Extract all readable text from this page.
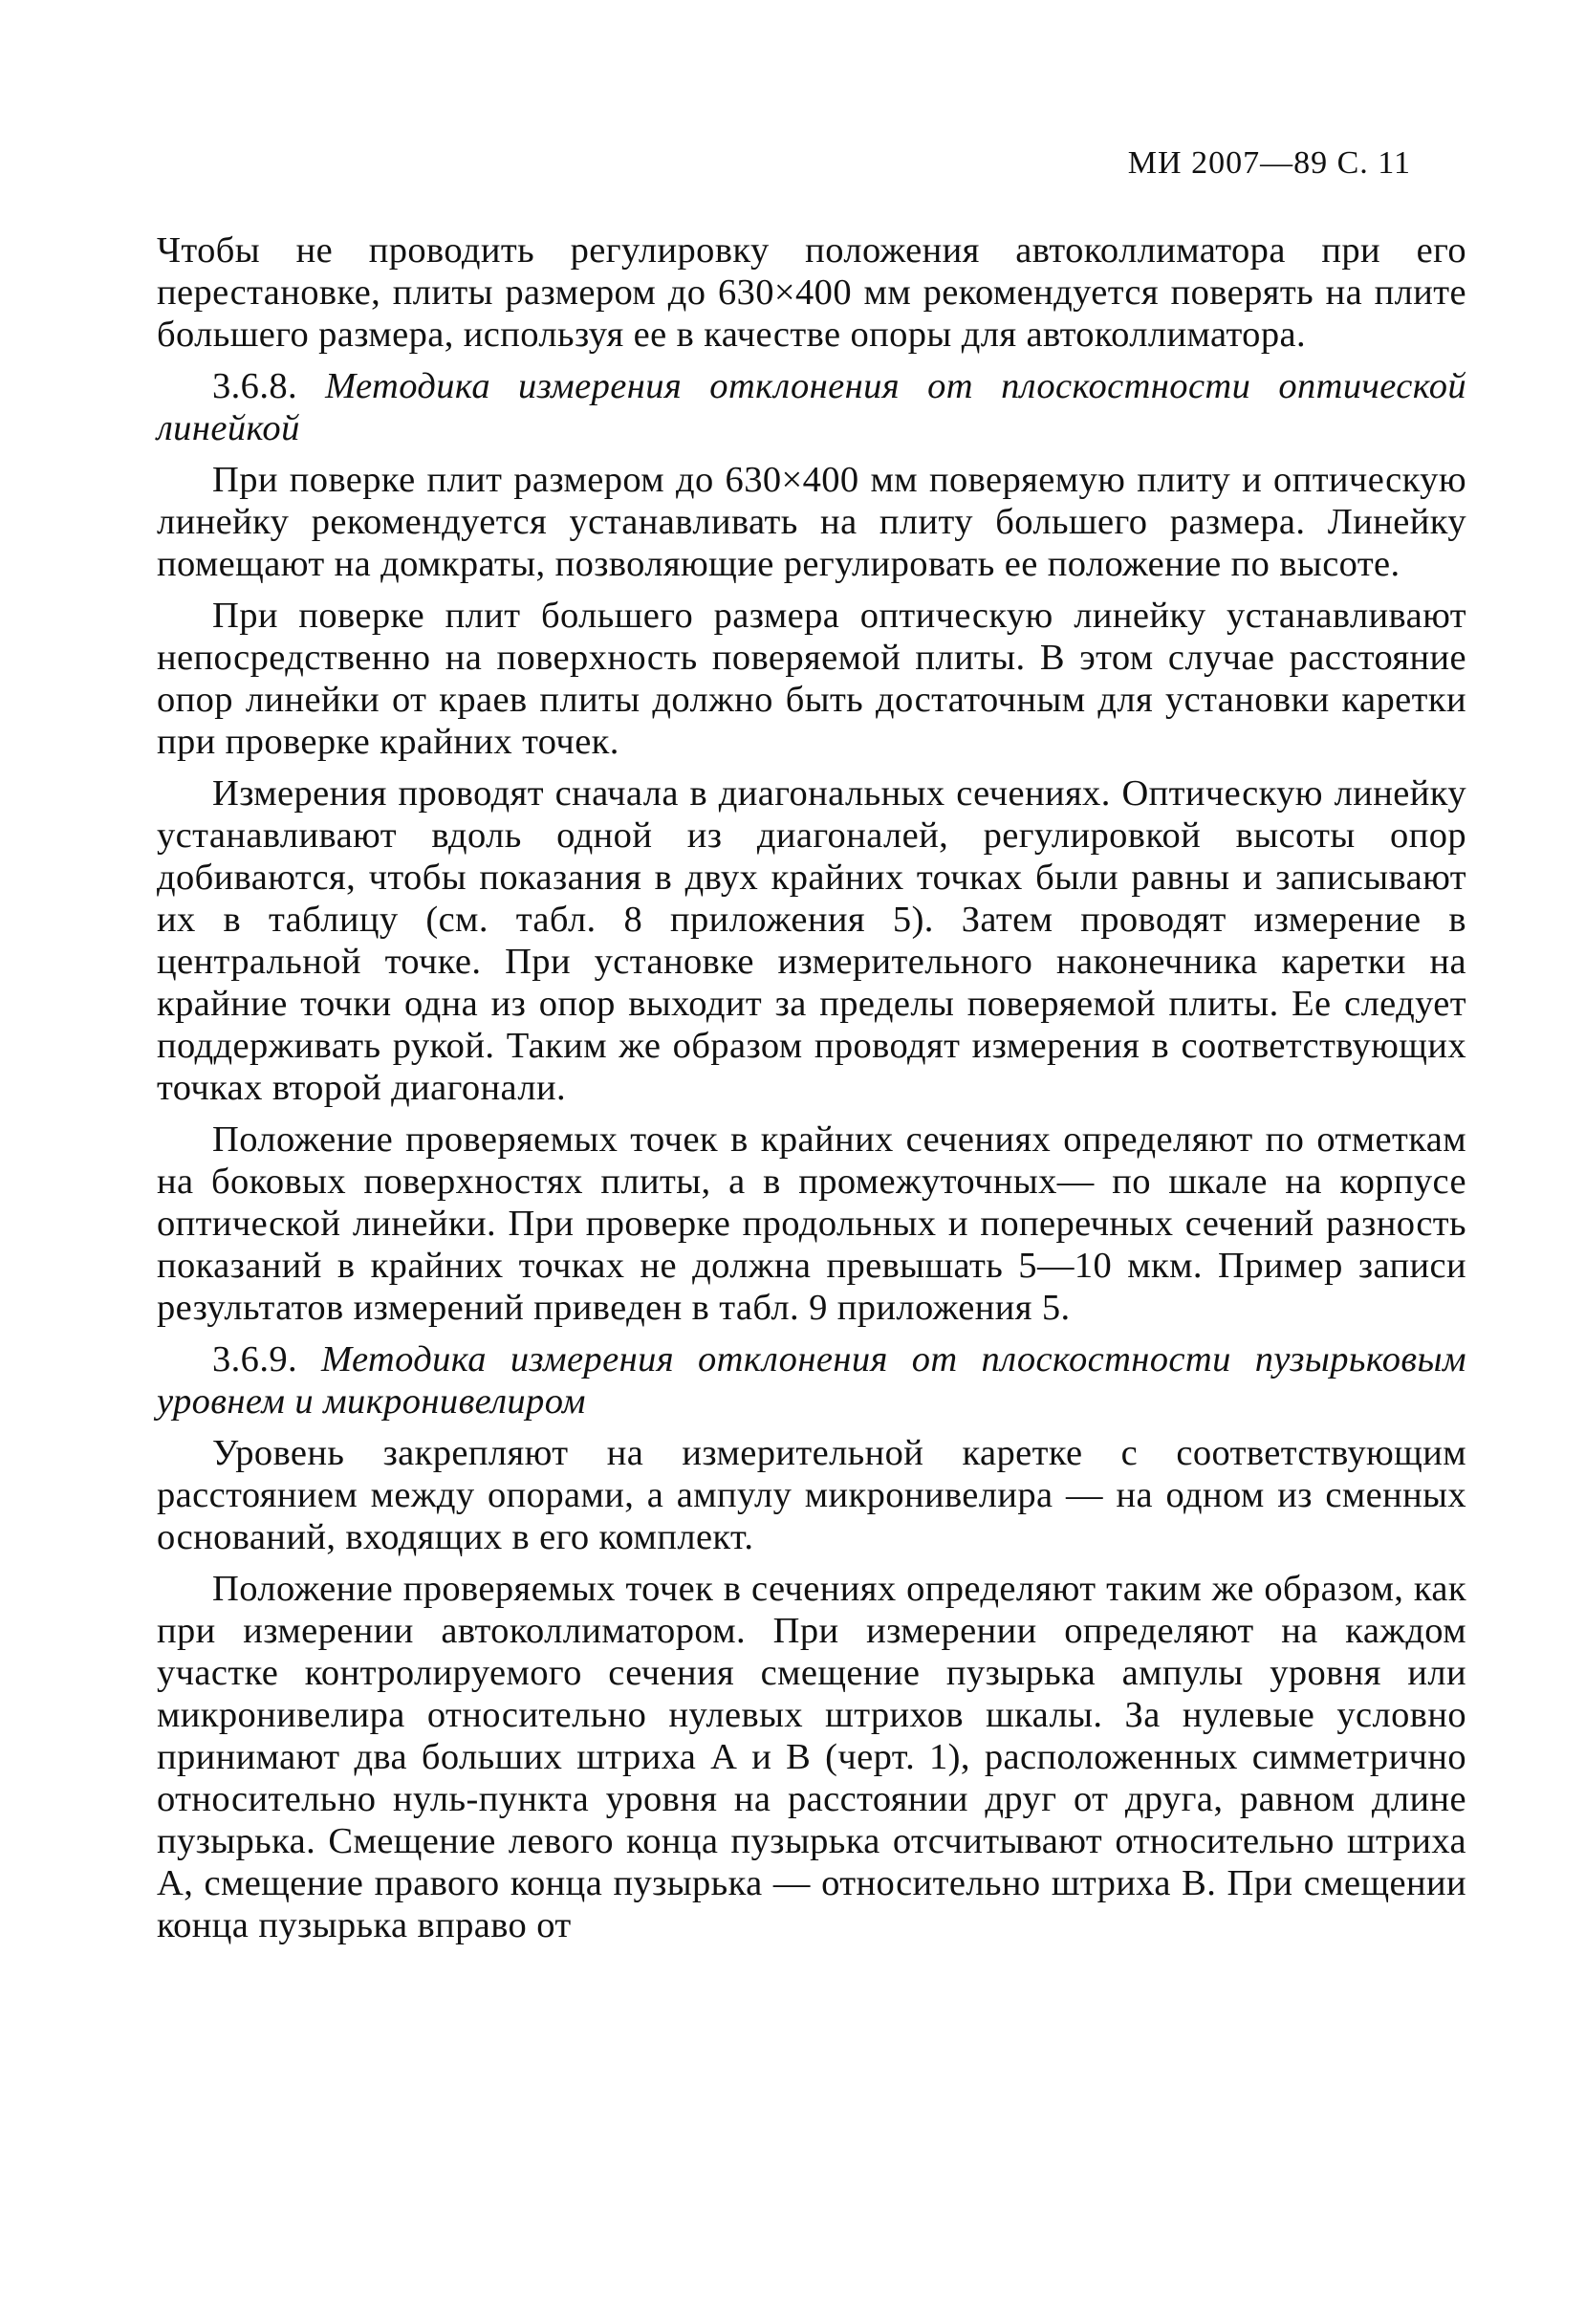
МИ 2007—89 С. 11

Чтобы не проводить регулировку положения автоколлиматора при его перестановке, плиты размером до 630×400 мм рекомендуется поверять на плите большего размера, используя ее в качестве опоры для автоколлиматора.

3.6.8. Методика измерения отклонения от плоскостности оптической линейкой

При поверке плит размером до 630×400 мм поверяемую плиту и оптическую линейку рекомендуется устанавливать на плиту большего размера. Линейку помещают на домкраты, позволяющие регулировать ее положение по высоте.

При поверке плит большего размера оптическую линейку устанавливают непосредственно на поверхность поверяемой плиты. В этом случае расстояние опор линейки от краев плиты должно быть достаточным для установки каретки при проверке крайних точек.

Измерения проводят сначала в диагональных сечениях. Оптическую линейку устанавливают вдоль одной из диагоналей, регулировкой высоты опор добиваются, чтобы показания в двух крайних точках были равны и записывают их в таблицу (см. табл. 8 приложения 5). Затем проводят измерение в центральной точке. При установке измерительного наконечника каретки на крайние точки одна из опор выходит за пределы поверяемой плиты. Ее следует поддерживать рукой. Таким же образом проводят измерения в соответствующих точках второй диагонали.

Положение проверяемых точек в крайних сечениях определяют по отметкам на боковых поверхностях плиты, а в промежуточных— по шкале на корпусе оптической линейки. При проверке продольных и поперечных сечений разность показаний в крайних точках не должна превышать 5—10 мкм. Пример записи результатов измерений приведен в табл. 9 приложения 5.

3.6.9. Методика измерения отклонения от плоскостности пузырьковым уровнем и микронивелиром

Уровень закрепляют на измерительной каретке с соответствующим расстоянием между опорами, а ампулу микронивелира — на одном из сменных оснований, входящих в его комплект.

Положение проверяемых точек в сечениях определяют таким же образом, как при измерении автоколлиматором. При измерении определяют на каждом участке контролируемого сечения смещение пузырька ампулы уровня или микронивелира относительно нулевых штрихов шкалы. За нулевые условно принимают два больших штриха А и В (черт. 1), расположенных симметрично относительно нуль-пункта уровня на расстоянии друг от друга, равном длине пузырька. Смещение левого конца пузырька отсчитывают относительно штриха А, смещение правого конца пузырька — относительно штриха В. При смещении конца пузырька вправо от
